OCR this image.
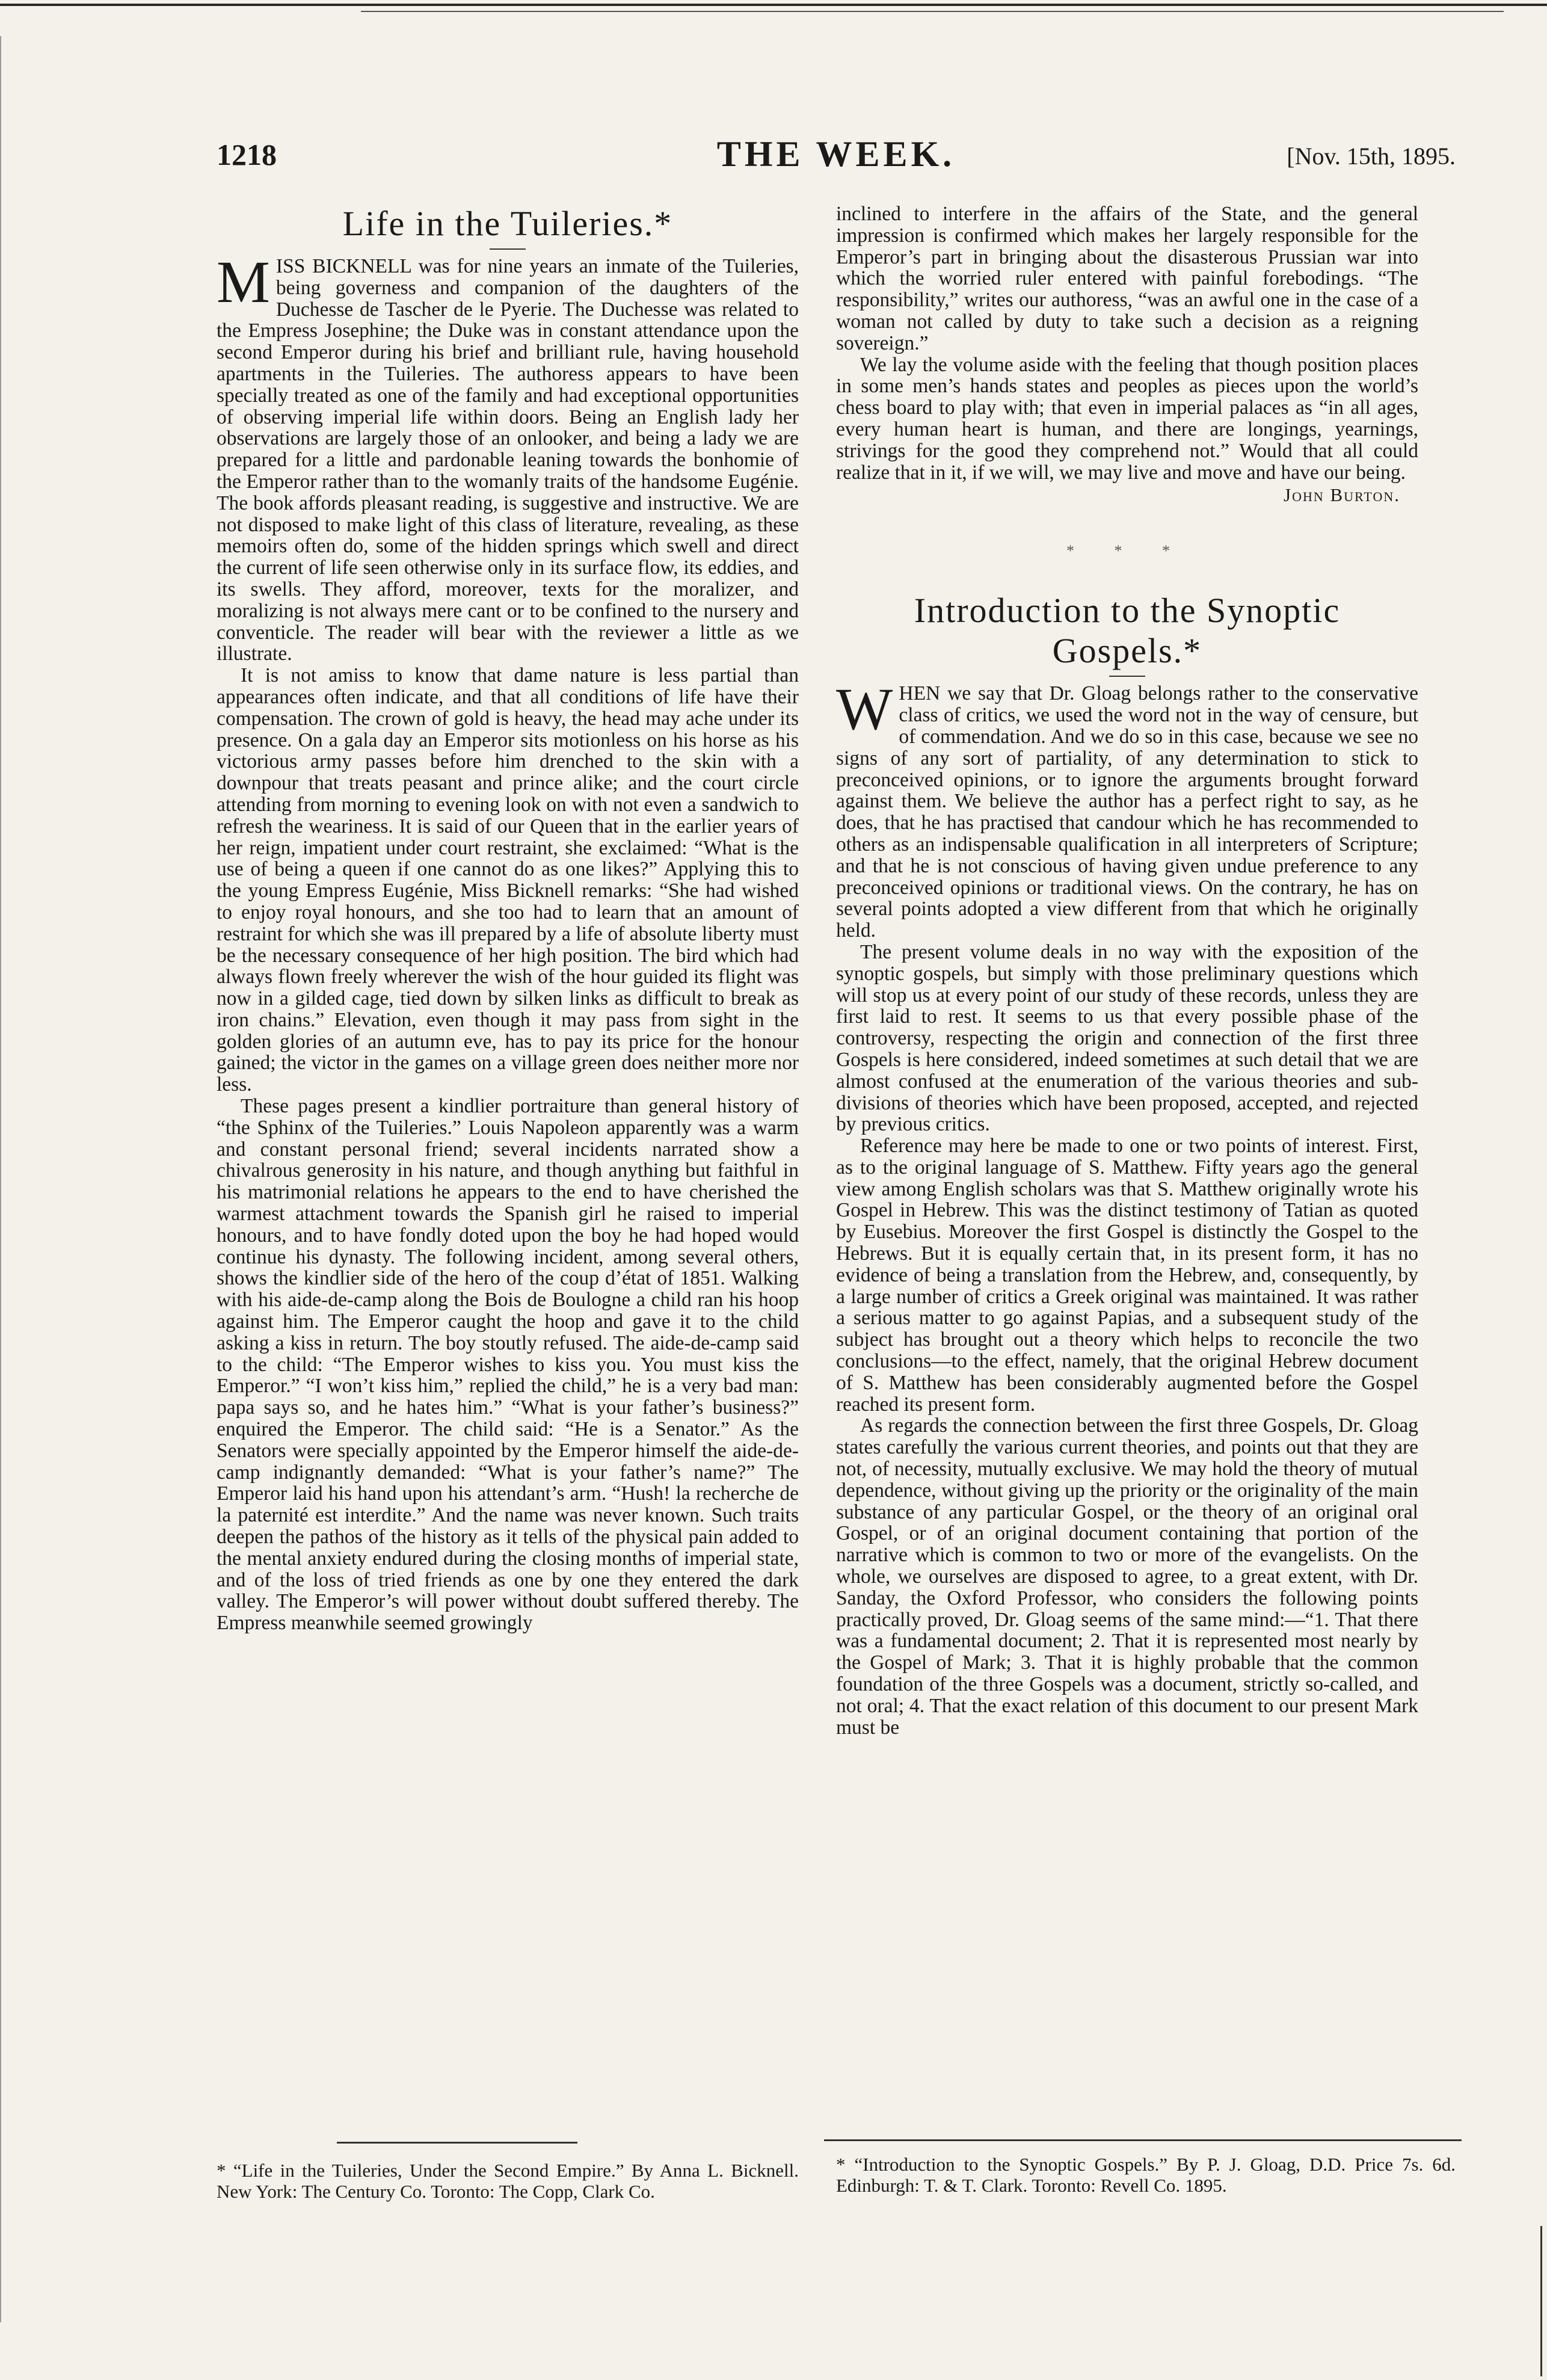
1218	THE WEEK.	[Nov. 15th, 1895.
Life in the Tuileries.*

MISS BICKNELL was for nine years an inmate of the Tuileries, being governess and companion of the daughters of the Duchesse de Tascher de le Pyerie. The Duchesse was related to the Empress Josephine; the Duke was in constant attendance upon the second Emperor during his brief and brilliant rule, having household apartments in the Tuileries. The authoress appears to have been specially treated as one of the family and had exceptional opportunities of observing imperial life within doors. Being an English lady her observations are largely those of an onlooker, and being a lady we are prepared for a little and pardonable leaning towards the bonhomie of the Emperor rather than to the womanly traits of the handsome Eugénie. The book affords pleasant reading, is suggestive and instructive. We are not disposed to make light of this class of literature, revealing, as these memoirs often do, some of the hidden springs which swell and direct the current of life seen otherwise only in its surface flow, its eddies, and its swells. They afford, moreover, texts for the moralizer, and moralizing is not always mere cant or to be confined to the nursery and conventicle. The reader will bear with the reviewer a little as we illustrate.

It is not amiss to know that dame nature is less partial than appearances often indicate, and that all conditions of life have their compensation. The crown of gold is heavy, the head may ache under its presence. On a gala day an Emperor sits motionless on his horse as his victorious army passes before him drenched to the skin with a downpour that treats peasant and prince alike; and the court circle attending from morning to evening look on with not even a sandwich to refresh the weariness. It is said of our Queen that in the earlier years of her reign, impatient under court restraint, she exclaimed: “What is the use of being a queen if one cannot do as one likes?” Applying this to the young Empress Eugénie, Miss Bicknell remarks: “She had wished to enjoy royal honours, and she too had to learn that an amount of restraint for which she was ill prepared by a life of absolute liberty must be the necessary consequence of her high position. The bird which had always flown freely wherever the wish of the hour guided its flight was now in a gilded cage, tied down by silken links as difficult to break as iron chains.” Elevation, even though it may pass from sight in the golden glories of an autumn eve, has to pay its price for the honour gained; the victor in the games on a village green does neither more nor less.

These pages present a kindlier portraiture than general history of “the Sphinx of the Tuileries.” Louis Napoleon apparently was a warm and constant personal friend; several incidents narrated show a chivalrous generosity in his nature, and though anything but faithful in his matrimonial relations he appears to the end to have cherished the warmest attachment towards the Spanish girl he raised to imperial honours, and to have fondly doted upon the boy he had hoped would continue his dynasty. The following incident, among several others, shows the kindlier side of the hero of the coup d’état of 1851. Walking with his aide-de-camp along the Bois de Boulogne a child ran his hoop against him. The Emperor caught the hoop and gave it to the child asking a kiss in return. The boy stoutly refused. The aide-de-camp said to the child: “The Emperor wishes to kiss you. You must kiss the Emperor.” “I won’t kiss him,” replied the child,” he is a very bad man: papa says so, and he hates him.” “What is your father’s business?” enquired the Emperor. The child said: “He is a Senator.” As the Senators were specially appointed by the Emperor himself the aide-de-camp indignantly demanded: “What is your father’s name?” The Emperor laid his hand upon his attendant’s arm. “Hush! la recherche de la paternité est interdite.” And the name was never known. Such traits deepen the pathos of the history as it tells of the physical pain added to the mental anxiety endured during the closing months of imperial state, and of the loss of tried friends as one by one they entered the dark valley. The Emperor’s will power without doubt suffered thereby. The Empress meanwhile seemed growingly

inclined to interfere in the affairs of the State, and the general impression is confirmed which makes her largely responsible for the Emperor’s part in bringing about the disasterous Prussian war into which the worried ruler entered with painful forebodings. “The responsibility,” writes our authoress, “was an awful one in the case of a woman not called by duty to take such a decision as a reigning sovereign.”

We lay the volume aside with the feeling that though position places in some men’s hands states and peoples as pieces upon the world’s chess board to play with; that even in imperial palaces as “in all ages, every human heart is human, and there are longings, yearnings, strivings for the good they comprehend not.” Would that all could realize that in it, if we will, we may live and move and have our being.

John Burton.
* * *
Introduction to the Synoptic Gospels.*

WHEN we say that Dr. Gloag belongs rather to the conservative class of critics, we used the word not in the way of censure, but of commendation. And we do so in this case, because we see no signs of any sort of partiality, of any determination to stick to preconceived opinions, or to ignore the arguments brought forward against them. We believe the author has a perfect right to say, as he does, that he has practised that candour which he has recommended to others as an indispensable qualification in all interpreters of Scripture; and that he is not conscious of having given undue preference to any preconceived opinions or traditional views. On the contrary, he has on several points adopted a view different from that which he originally held.

The present volume deals in no way with the exposition of the synoptic gospels, but simply with those preliminary questions which will stop us at every point of our study of these records, unless they are first laid to rest. It seems to us that every possible phase of the controversy, respecting the origin and connection of the first three Gospels is here considered, indeed sometimes at such detail that we are almost confused at the enumeration of the various theories and sub-divisions of theories which have been proposed, accepted, and rejected by previous critics.

Reference may here be made to one or two points of interest. First, as to the original language of S. Matthew. Fifty years ago the general view among English scholars was that S. Matthew originally wrote his Gospel in Hebrew. This was the distinct testimony of Tatian as quoted by Eusebius. Moreover the first Gospel is distinctly the Gospel to the Hebrews. But it is equally certain that, in its present form, it has no evidence of being a translation from the Hebrew, and, consequently, by a large number of critics a Greek original was maintained. It was rather a serious matter to go against Papias, and a subsequent study of the subject has brought out a theory which helps to reconcile the two conclusions—to the effect, namely, that the original Hebrew document of S. Matthew has been considerably augmented before the Gospel reached its present form.

As regards the connection between the first three Gospels, Dr. Gloag states carefully the various current theories, and points out that they are not, of necessity, mutually exclusive. We may hold the theory of mutual dependence, without giving up the priority or the originality of the main substance of any particular Gospel, or the theory of an original oral Gospel, or of an original document containing that portion of the narrative which is common to two or more of the evangelists. On the whole, we ourselves are disposed to agree, to a great extent, with Dr. Sanday, the Oxford Professor, who considers the following points practically proved, Dr. Gloag seems of the same mind:—“1. That there was a fundamental document; 2. That it is represented most nearly by the Gospel of Mark; 3. That it is highly probable that the common foundation of the three Gospels was a document, strictly so-called, and not oral; 4. That the exact relation of this document to our present Mark must be

* “Life in the Tuileries, Under the Second Empire.” By Anna L. Bicknell. New York: The Century Co. Toronto: The Copp, Clark Co.
* “Introduction to the Synoptic Gospels.” By P. J. Gloag, D.D. Price 7s. 6d. Edinburgh: T. & T. Clark. Toronto: Revell Co. 1895.
